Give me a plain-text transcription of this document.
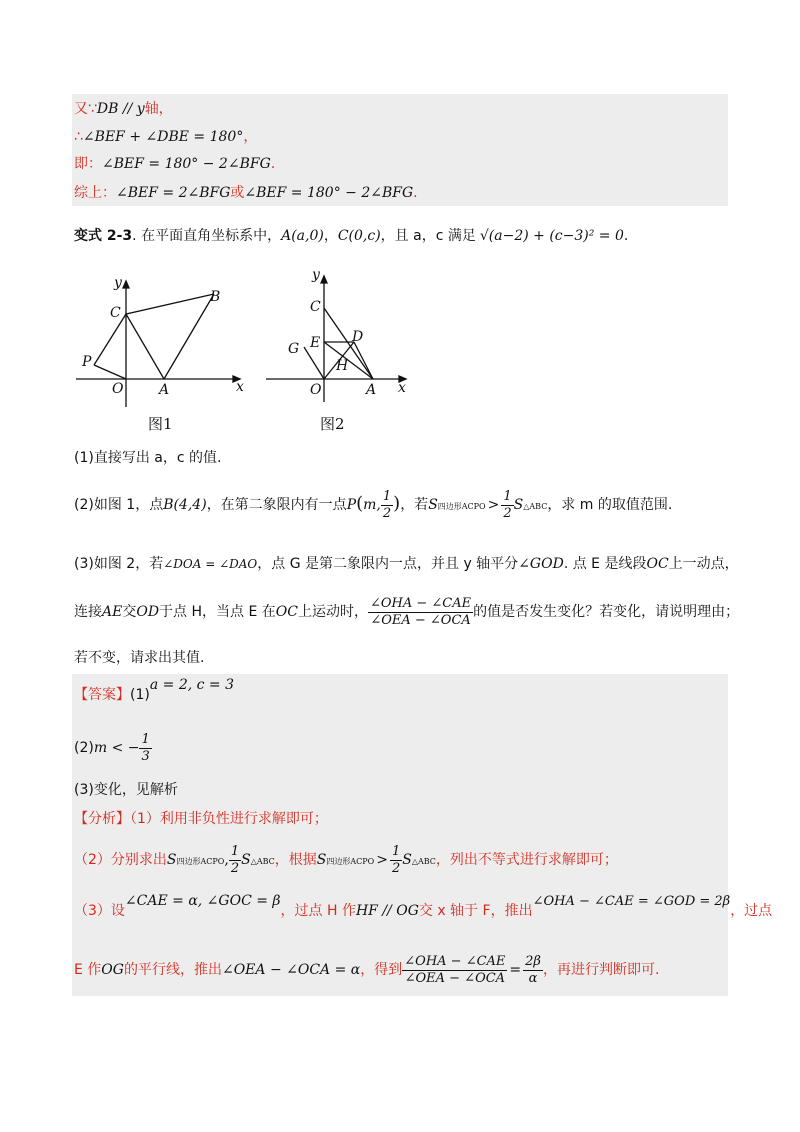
又∵DB // y轴，
∴∠BEF + ∠DBE = 180°，
即：∠BEF = 180° − 2∠BFG.
综上：∠BEF = 2∠BFG或∠BEF = 180° − 2∠BFG.
变式 2-3. 在平面直角坐标系中，A(a,0)，C(0,c)，且 a，c 满足 √(a−2) + (c−3)² = 0.
y
x
C
B
P
O	A
图1
y
x
C
D
E
G
H
O	A
图2
(1)直接写出 a，c 的值.
(2)如图 1，点B(4,4)，在第二象限内有一点P(m, $\frac{1}{2}$ )，若S四边形ACPO > $\frac{1}{2}$ S△ABC，求 m 的取值范围.
(3)如图 2，若∠DOA = ∠DAO，点 G 是第二象限内一点，并且 y 轴平分∠GOD. 点 E 是线段OC上一动点，
连接AE交OD于点 H，当点 E 在OC上运动时， $\frac{\text{∠OHA − ∠CAE}}{\text{∠OEA − ∠OCA}}$ 的值是否发生变化？若变化，请说明理由；
若不变，请求出其值.
【答案】(1)a = 2, c = 3
(2)m < − $\frac{1}{3}$
(3)变化，见解析
【分析】（1）利用非负性进行求解即可；
（2）分别求出S四边形ACPO, $\frac{1}{2}$ S△ABC，根据S四边形ACPO > $\frac{1}{2}$ S△ABC，列出不等式进行求解即可；
（3）设∠CAE = α, ∠GOC = β，过点 H 作HF // OG交 x 轴于 F，推出∠OHA − ∠CAE = ∠GOD = 2β，过点
E 作OG的平行线，推出∠OEA − ∠OCA = α，得到 $\frac{\text{∠OHA − ∠CAE}}{\text{∠OEA − ∠OCA}} = \frac{2\beta}{\alpha}$ ，再进行判断即可.
